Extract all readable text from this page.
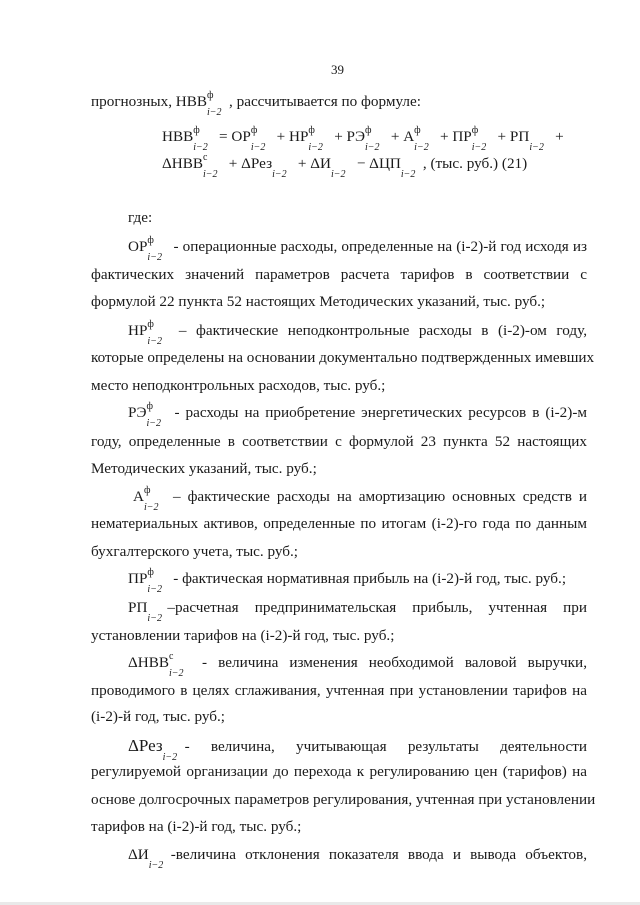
39
прогнозных, НВВ ф
i−2
, рассчитывается по формуле:
НВВ ф
i−2
= ОР ф
i−2
+ НР ф
i−2
+ РЭ ф
i−2
+ А ф
i−2
+ ПР ф
i−2
+ РП
i−2
+
ΔНВВ с
i−2
+ ΔРез
i−2
+ ΔИ
i−2
− ΔЦП
i−2
, (тыс. руб.) (21)
где:
ОР ф
i−2
- операционные расходы, определенные на (i-2)-й год исходя из
фактических значений параметров расчета тарифов в соответствии с
формулой 22 пункта 52 настоящих Методических указаний, тыс. руб.;
НР ф
i−2
– фактические неподконтрольные расходы в (i-2)-ом году,
которые определены на основании документально подтвержденных имевших
место неподконтрольных расходов, тыс. руб.;
РЭ ф
i−2
- расходы на приобретение энергетических ресурсов в (i-2)-м
году, определенные в соответствии с формулой 23 пункта 52 настоящих
Методических указаний, тыс. руб.;
А ф
i−2
– фактические расходы на амортизацию основных средств и
нематериальных активов, определенные по итогам (i-2)-го года по данным
бухгалтерского учета, тыс. руб.;
ПР ф
i−2
- фактическая нормативная прибыль на (i-2)-й год, тыс. руб.;
РП
i−2
–расчетная предпринимательская прибыль, учтенная при
установлении тарифов на (i-2)-й год, тыс. руб.;
ΔНВВ с
i−2
- величина изменения необходимой валовой выручки,
проводимого в целях сглаживания, учтенная при установлении тарифов на
(i-2)-й год, тыс. руб.;
ΔРез
i−2
- величина, учитывающая результаты деятельности
регулируемой организации до перехода к регулированию цен (тарифов) на
основе долгосрочных параметров регулирования, учтенная при установлении
тарифов на (i-2)-й год, тыс. руб.;
ΔИ
i−2
-величина отклонения показателя ввода и вывода объектов,
